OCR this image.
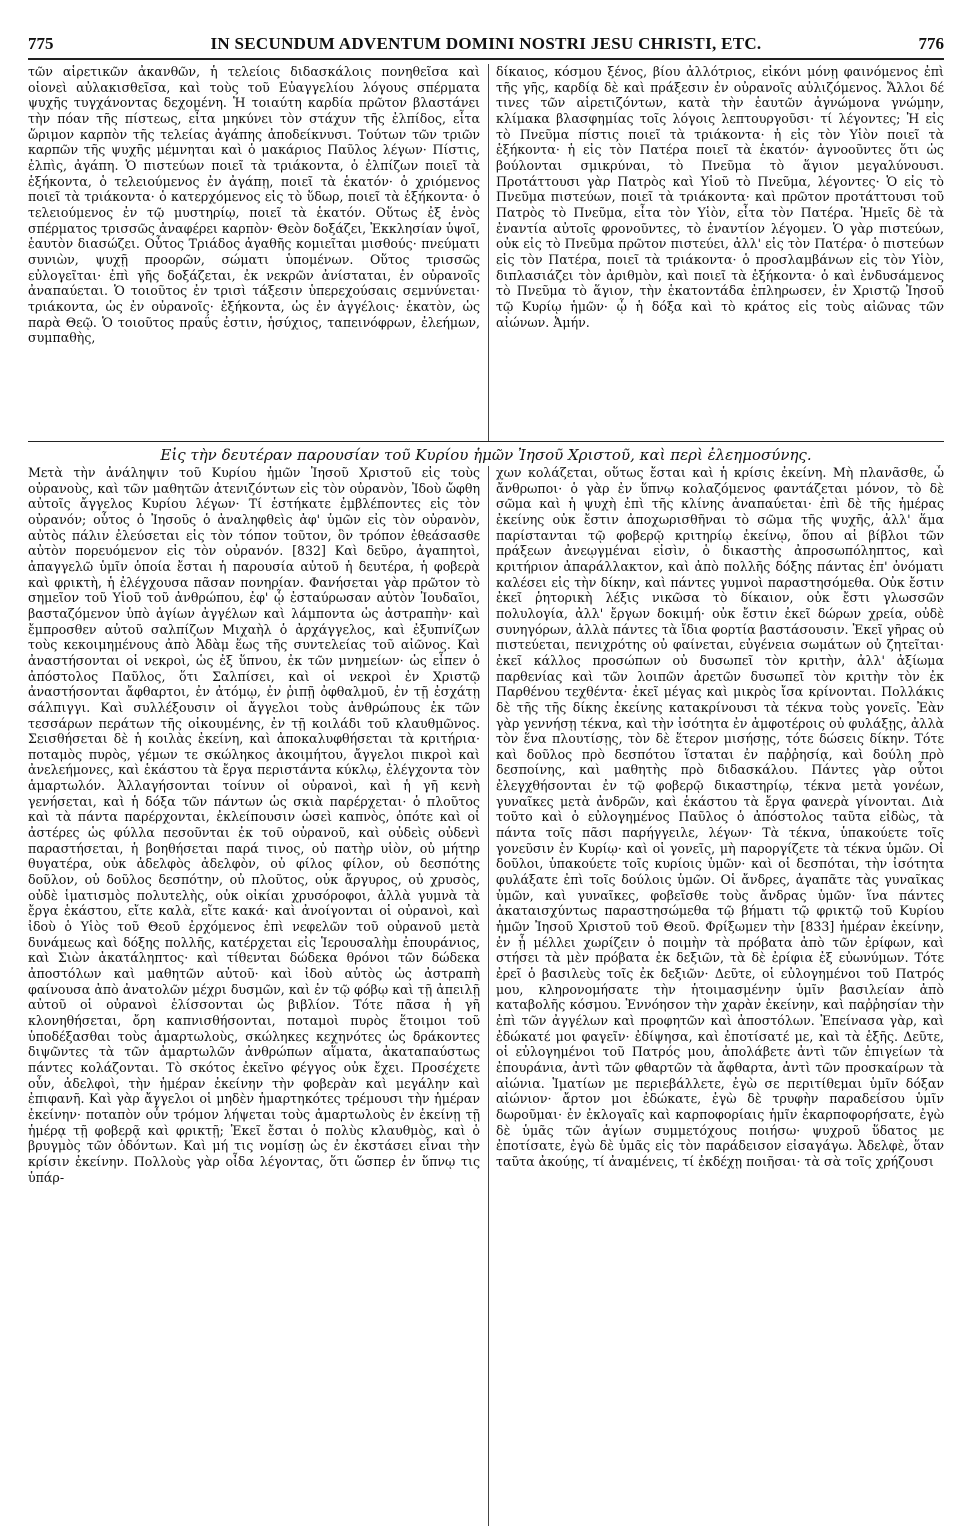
775	IN SECUNDUM ADVENTUM DOMINI NOSTRI JESU CHRISTI, ETC.	776

τῶν αἱρετικῶν ἀκανθῶν, ἡ τελείοις διδασκάλοις πονηθεῖσα καὶ οἱονεὶ αὐλακισθεῖσα, καὶ τοὺς τοῦ Εὐαγγελίου λόγους σπέρματα ψυχῆς τυγχάνοντας δεχομένη. Ἡ τοιαύτη καρδία πρῶτον βλαστάνει τὴν πόαν τῆς πίστεως, εἶτα μηκύνει τὸν στάχυν τῆς ἐλπίδος, εἶτα ὥριμον καρπὸν τῆς τελείας ἀγάπης ἀποδείκνυσι. Τούτων τῶν τριῶν καρπῶν τῆς ψυχῆς μέμνηται καὶ ὁ μακάριος Παῦλος λέγων· Πίστις, ἐλπὶς, ἀγάπη. Ὁ πιστεύων ποιεῖ τὰ τριάκοντα, ὁ ἐλπίζων ποιεῖ τὰ ἑξήκοντα, ὁ τελειούμενος ἐν ἀγάπῃ, ποιεῖ τὰ ἑκατόν· ὁ χριόμενος ποιεῖ τὰ τριάκοντα· ὁ κατερχόμενος εἰς τὸ ὕδωρ, ποιεῖ τὰ ἑξήκοντα· ὁ τελειούμενος ἐν τῷ μυστηρίῳ, ποιεῖ τὰ ἑκατόν. Οὕτως ἐξ ἑνὸς σπέρματος τρισσῶς ἀναφέρει καρπὸν· Θεὸν δοξάζει, Ἐκκλησίαν ὑψοῖ, ἑαυτὸν διασώζει. Οὗτος Τριάδος ἀγαθῆς κομιεῖται μισθούς· πνεύματι συνιὼν, ψυχῇ προορῶν, σώματι ὑπομένων. Οὕτος τρισσῶς εὐλογεῖται· ἐπὶ γῆς δοξάζεται, ἐκ νεκρῶν ἀνίσταται, ἐν οὐρανοῖς ἀναπαύεται. Ὁ τοιοῦτος ἐν τρισὶ τάξεσιν ὑπερεχούσαις σεμνύνεται· τριάκοντα, ὡς ἐν οὐρανοῖς· ἑξήκοντα, ὡς ἐν ἀγγέλοις· ἑκατὸν, ὡς παρὰ Θεῷ. Ὁ τοιοῦτος πραΰς ἐστιν, ἡσύχιος, ταπεινόφρων, ἐλεήμων, συμπαθὴς,

δίκαιος, κόσμου ξένος, βίου ἀλλότριος, εἰκόνι μόνῃ φαινόμενος ἐπὶ τῆς γῆς, καρδίᾳ δὲ καὶ πράξεσιν ἐν οὐρανοῖς αὐλιζόμενος. Ἄλλοι δέ τινες τῶν αἱρετιζόντων, κατὰ τὴν ἑαυτῶν ἀγνώμονα γνώμην, κλίμακα βλασφημίας τοῖς λόγοις λεπτουργοῦσι· τί λέγοντες; Ἡ εἰς τὸ Πνεῦμα πίστις ποιεῖ τὰ τριάκοντα· ἡ εἰς τὸν Υἱὸν ποιεῖ τὰ ἑξήκοντα· ἡ εἰς τὸν Πατέρα ποιεῖ τὰ ἑκατόν· ἀγνοοῦντες ὅτι ὡς βούλονται σμικρύναι, τὸ Πνεῦμα τὸ ἅγιον μεγαλύνουσι. Προτάττουσι γὰρ Πατρὸς καὶ Υἱοῦ τὸ Πνεῦμα, λέγοντες· Ὁ εἰς τὸ Πνεῦμα πιστεύων, ποιεῖ τὰ τριάκοντα· καὶ πρῶτον προτάττουσι τοῦ Πατρὸς τὸ Πνεῦμα, εἶτα τὸν Υἱὸν, εἶτα τὸν Πατέρα. Ἡμεῖς δὲ τὰ ἐναντία αὐτοῖς φρονοῦντες, τὸ ἐναντίον λέγομεν. Ὁ γὰρ πιστεύων, οὐκ εἰς τὸ Πνεῦμα πρῶτον πιστεύει, ἀλλ' εἰς τὸν Πατέρα· ὁ πιστεύων εἰς τὸν Πατέρα, ποιεῖ τὰ τριάκοντα· ὁ προσλαμβάνων εἰς τὸν Υἱὸν, διπλασιάζει τὸν ἀριθμὸν, καὶ ποιεῖ τὰ ἑξήκοντα· ὁ καὶ ἐνδυσάμενος τὸ Πνεῦμα τὸ ἅγιον, τὴν ἑκατοντάδα ἐπληρωσεν, ἐν Χριστῷ Ἰησοῦ τῷ Κυρίῳ ἡμῶν· ᾧ ἡ δόξα καὶ τὸ κράτος εἰς τοὺς αἰῶνας τῶν αἰώνων. Ἀμήν.

Εἰς τὴν δευτέραν παρουσίαν τοῦ Κυρίου ἡμῶν Ἰησοῦ Χριστοῦ, καὶ περὶ ἐλεημοσύνης.

Μετὰ τὴν ἀνάληψιν τοῦ Κυρίου ἡμῶν Ἰησοῦ Χριστοῦ εἰς τοὺς οὐρανοὺς, καὶ τῶν μαθητῶν ἀτενιζόντων εἰς τὸν οὐρανὸν, Ἰδοὺ ὤφθη αὐτοῖς ἄγγελος Κυρίου λέγων· Τί ἑστήκατε ἐμβλέποντες εἰς τὸν οὐρανόν; οὗτος ὁ Ἰησοῦς ὁ ἀναληφθεὶς ἀφ' ὑμῶν εἰς τὸν οὐρανὸν, αὐτὸς πάλιν ἐλεύσεται εἰς τὸν τόπον τοῦτον, ὃν τρόπον ἐθεάσασθε αὐτὸν πορευόμενον εἰς τὸν οὐρανόν. [832] Καὶ δεῦρο, ἀγαπητοὶ, ἀπαγγελῶ ὑμῖν ὁποία ἔσται ἡ παρουσία αὐτοῦ ἡ δευτέρα, ἡ φοβερὰ καὶ φρικτὴ, ἡ ἐλέγχουσα πᾶσαν πονηρίαν. Φανήσεται γὰρ πρῶτον τὸ σημεῖον τοῦ Υἱοῦ τοῦ ἀνθρώπου, ἐφ' ᾧ ἐσταύρωσαν αὐτὸν Ἰουδαῖοι, βασταζόμενον ὑπὸ ἁγίων ἀγγέλων καὶ λάμποντα ὡς ἀστραπὴν· καὶ ἔμπροσθεν αὐτοῦ σαλπίζων Μιχαὴλ ὁ ἀρχάγγελος, καὶ ἐξυπνίζων τοὺς κεκοιμημένους ἀπὸ Ἀδὰμ ἕως τῆς συντελείας τοῦ αἰῶνος. Καὶ ἀναστήσονται οἱ νεκροὶ, ὡς ἐξ ὕπνου, ἐκ τῶν μνημείων· ὡς εἶπεν ὁ ἀπόστολος Παῦλος, ὅτι Σαλπίσει, καὶ οἱ νεκροὶ ἐν Χριστῷ ἀναστήσονται ἄφθαρτοι, ἐν ἀτόμῳ, ἐν ῥιπῇ ὀφθαλμοῦ, ἐν τῇ ἐσχάτῃ σάλπιγγι. Καὶ συλλέξουσιν οἱ ἄγγελοι τοὺς ἀνθρώπους ἐκ τῶν τεσσάρων περάτων τῆς οἰκουμένης, ἐν τῇ κοιλάδι τοῦ κλαυθμῶνος. Σεισθήσεται δὲ ἡ κοιλὰς ἐκείνη, καὶ ἀποκαλυφθήσεται τὰ κριτήρια· ποταμὸς πυρὸς, γέμων τε σκώληκος ἀκοιμήτου, ἄγγελοι πικροὶ καὶ ἀνελεήμονες, καὶ ἑκάστου τὰ ἔργα περιστάντα κύκλῳ, ἐλέγχοντα τὸν ἁμαρτωλόν. Ἀλλαγήσονται τοίνυν οἱ οὐρανοὶ, καὶ ἡ γῆ κενὴ γενήσεται, καὶ ἡ δόξα τῶν πάντων ὡς σκιὰ παρέρχεται· ὁ πλοῦτος καὶ τὰ πάντα παρέρχονται, ἐκλείπουσιν ὡσεὶ καπνὸς, ὁπότε καὶ οἱ ἀστέρες ὡς φύλλα πεσοῦνται ἐκ τοῦ οὐρανοῦ, καὶ οὐδεὶς οὐδενὶ παραστήσεται, ἡ βοηθήσεται παρά τινος, οὐ πατὴρ υἱὸν, οὐ μήτηρ θυγατέρα, οὐκ ἀδελφὸς ἀδελφὸν, οὐ φίλος φίλον, οὐ δεσπότης δοῦλον, οὐ δοῦλος δεσπότην, οὐ πλοῦτος, οὐκ ἄργυρος, οὐ χρυσὸς, οὐδὲ ἱματισμὸς πολυτελὴς, οὐκ οἰκίαι χρυσόροφοι, ἀλλὰ γυμνὰ τὰ ἔργα ἑκάστου, εἴτε καλὰ, εἴτε κακά· καὶ ἀνοίγονται οἱ οὐρανοὶ, καὶ ἰδοὺ ὁ Υἱὸς τοῦ Θεοῦ ἐρχόμενος ἐπὶ νεφελῶν τοῦ οὐρανοῦ μετὰ δυνάμεως καὶ δόξης πολλῆς, κατέρχεται εἰς Ἱερουσαλὴμ ἐπουράνιος, καὶ Σιὼν ἀκατάληπτος· καὶ τίθενται δώδεκα θρόνοι τῶν δώδεκα ἀποστόλων καὶ μαθητῶν αὐτοῦ· καὶ ἰδοὺ αὐτὸς ὡς ἀστραπὴ φαίνουσα ἀπὸ ἀνατολῶν μέχρι δυσμῶν, καὶ ἐν τῷ φόβῳ καὶ τῇ ἀπειλῇ αὐτοῦ οἱ οὐρανοὶ ἑλίσσονται ὡς βιβλίον. Τότε πᾶσα ἡ γῆ κλονηθήσεται, ὄρη καπνισθήσονται, ποταμοὶ πυρὸς ἕτοιμοι τοῦ ὑποδέξασθαι τοὺς ἁμαρτωλοὺς, σκώληκες κεχηνότες ὡς δράκοντες διψῶντες τὰ τῶν ἁμαρτωλῶν ἀνθρώπων αἵματα, ἀκαταπαύστως πάντες κολάζονται. Τὸ σκότος ἐκεῖνο φέγγος οὐκ ἔχει. Προσέχετε οὖν, ἀδελφοὶ, τὴν ἡμέραν ἐκείνην τὴν φοβερὰν καὶ μεγάλην καὶ ἐπιφανῆ. Καὶ γὰρ ἄγγελοι οἱ μηδὲν ἡμαρτηκότες τρέμουσι τὴν ἡμέραν ἐκείνην· ποταπὸν οὖν τρόμον λήψεται τοὺς ἁμαρτωλοὺς ἐν ἐκείνῃ τῇ ἡμέρᾳ τῇ φοβερᾷ καὶ φρικτῇ; Ἐκεῖ ἔσται ὁ πολὺς κλαυθμὸς, καὶ ὁ βρυγμὸς τῶν ὀδόντων. Καὶ μή τις νομίσῃ ὡς ἐν ἐκστάσει εἶναι τὴν κρίσιν ἐκείνην. Πολλοὺς γὰρ οἶδα λέγοντας, ὅτι ὥσπερ ἐν ὕπνῳ τις ὑπάρ-

χων κολάζεται, οὕτως ἔσται καὶ ἡ κρίσις ἐκείνη. Μὴ πλανᾶσθε, ὦ ἄνθρωποι· ὁ γὰρ ἐν ὕπνῳ κολαζόμενος φαντάζεται μόνον, τὸ δὲ σῶμα καὶ ἡ ψυχὴ ἐπὶ τῆς κλίνης ἀναπαύεται· ἐπὶ δὲ τῆς ἡμέρας ἐκείνης οὐκ ἔστιν ἀποχωρισθῆναι τὸ σῶμα τῆς ψυχῆς, ἀλλ' ἅμα παρίστανται τῷ φοβερῷ κριτηρίῳ ἐκείνῳ, ὅπου αἱ βίβλοι τῶν πράξεων ἀνεῳγμέναι εἰσὶν, ὁ δικαστὴς ἀπροσωπόληπτος, καὶ κριτήριον ἀπαράλλακτον, καὶ ἀπὸ πολλῆς δόξης πάντας ἐπ' ὀνόματι καλέσει εἰς τὴν δίκην, καὶ πάντες γυμνοὶ παραστησόμεθα. Οὐκ ἔστιν ἐκεῖ ῥητορικὴ λέξις νικῶσα τὸ δίκαιον, οὐκ ἔστι γλωσσῶν πολυλογία, ἀλλ' ἔργων δοκιμή· οὐκ ἔστιν ἐκεῖ δώρων χρεία, οὐδὲ συνηγόρων, ἀλλὰ πάντες τὰ ἴδια φορτία βαστάσουσιν. Ἐκεῖ γῆρας οὐ πιστεύεται, πενιχρότης οὐ φαίνεται, εὐγένεια σωμάτων οὐ ζητεῖται· ἐκεῖ κάλλος προσώπων οὐ δυσωπεῖ τὸν κριτὴν, ἀλλ' ἀξίωμα παρθενίας καὶ τῶν λοιπῶν ἀρετῶν δυσωπεῖ τὸν κριτὴν τὸν ἐκ Παρθένου τεχθέντα· ἐκεῖ μέγας καὶ μικρὸς ἴσα κρίνονται. Πολλάκις δὲ τῆς τῆς δίκης ἐκείνης κατακρίνουσι τὰ τέκνα τοὺς γονεῖς. Ἐὰν γὰρ γεννήσῃ τέκνα, καὶ τὴν ἰσότητα ἐν ἀμφοτέροις οὐ φυλάξῃς, ἀλλὰ τὸν ἕνα πλουτίσῃς, τὸν δὲ ἕτερον μισήσῃς, τότε δώσεις δίκην. Τότε καὶ δοῦλος πρὸ δεσπότου ἵσταται ἐν παῤῥησίᾳ, καὶ δούλη πρὸ δεσποίνης, καὶ μαθητὴς πρὸ διδασκάλου. Πάντες γὰρ οὗτοι ἐλεγχθήσονται ἐν τῷ φοβερῷ δικαστηρίῳ, τέκνα μετὰ γονέων, γυναῖκες μετὰ ἀνδρῶν, καὶ ἑκάστου τὰ ἔργα φανερὰ γίνονται. Διὰ τοῦτο καὶ ὁ εὐλογημένος Παῦλος ὁ ἀπόστολος ταῦτα εἰδὼς, τὰ πάντα τοῖς πᾶσι παρήγγειλε, λέγων· Τὰ τέκνα, ὑπακούετε τοῖς γονεῦσιν ἐν Κυρίῳ· καὶ οἱ γονεῖς, μὴ παροργίζετε τὰ τέκνα ὑμῶν. Οἱ δοῦλοι, ὑπακούετε τοῖς κυρίοις ὑμῶν· καὶ οἱ δεσπόται, τὴν ἰσότητα φυλάξατε ἐπὶ τοῖς δούλοις ὑμῶν. Οἱ ἄνδρες, ἀγαπᾶτε τὰς γυναῖκας ὑμῶν, καὶ γυναῖκες, φοβεῖσθε τοὺς ἄνδρας ὑμῶν· ἵνα πάντες ἀκαταισχύντως παραστησώμεθα τῷ βήματι τῷ φρικτῷ τοῦ Κυρίου ἡμῶν Ἰησοῦ Χριστοῦ τοῦ Θεοῦ. Φρίξωμεν τὴν [833] ἡμέραν ἐκείνην, ἐν ᾗ μέλλει χωρίζειν ὁ ποιμὴν τὰ πρόβατα ἀπὸ τῶν ἐρίφων, καὶ στήσει τὰ μὲν πρόβατα ἐκ δεξιῶν, τὰ δὲ ἐρίφια ἐξ εὐωνύμων. Τότε ἐρεῖ ὁ βασιλεὺς τοῖς ἐκ δεξιῶν· Δεῦτε, οἱ εὐλογημένοι τοῦ Πατρός μου, κληρονομήσατε τὴν ἡτοιμασμένην ὑμῖν βασιλείαν ἀπὸ καταβολῆς κόσμου. Ἐννόησον τὴν χαρὰν ἐκείνην, καὶ παῤῥησίαν τὴν ἐπὶ τῶν ἀγγέλων καὶ προφητῶν καὶ ἀποστόλων. Ἐπείνασα γὰρ, καὶ ἐδώκατέ μοι φαγεῖν· ἐδίψησα, καὶ ἐποτίσατέ με, καὶ τὰ ἑξῆς. Δεῦτε, οἱ εὐλογημένοι τοῦ Πατρός μου, ἀπολάβετε ἀντὶ τῶν ἐπιγείων τὰ ἐπουράνια, ἀντὶ τῶν φθαρτῶν τὰ ἄφθαρτα, ἀντὶ τῶν προσκαίρων τὰ αἰώνια. Ἱματίων με περιεβάλλετε, ἐγὼ σε περιτίθεμαι ὑμῖν δόξαν αἰώνιον· ἄρτον μοι ἐδώκατε, ἐγὼ δὲ τρυφὴν παραδείσου ὑμῖν δωροῦμαι· ἐν ἐκλογαῖς καὶ καρποφορίαις ἡμῖν ἐκαρποφορήσατε, ἐγὼ δὲ ὑμᾶς τῶν ἁγίων συμμετόχους ποιήσω· ψυχροῦ ὕδατος με ἐποτίσατε, ἐγὼ δὲ ὑμᾶς εἰς τὸν παράδεισον εἰσαγάγω. Ἀδελφὲ, ὅταν ταῦτα ἀκούῃς, τί ἀναμένεις, τί ἐκδέχῃ ποιῆσαι· τὰ σὰ τοῖς χρήζουσι
